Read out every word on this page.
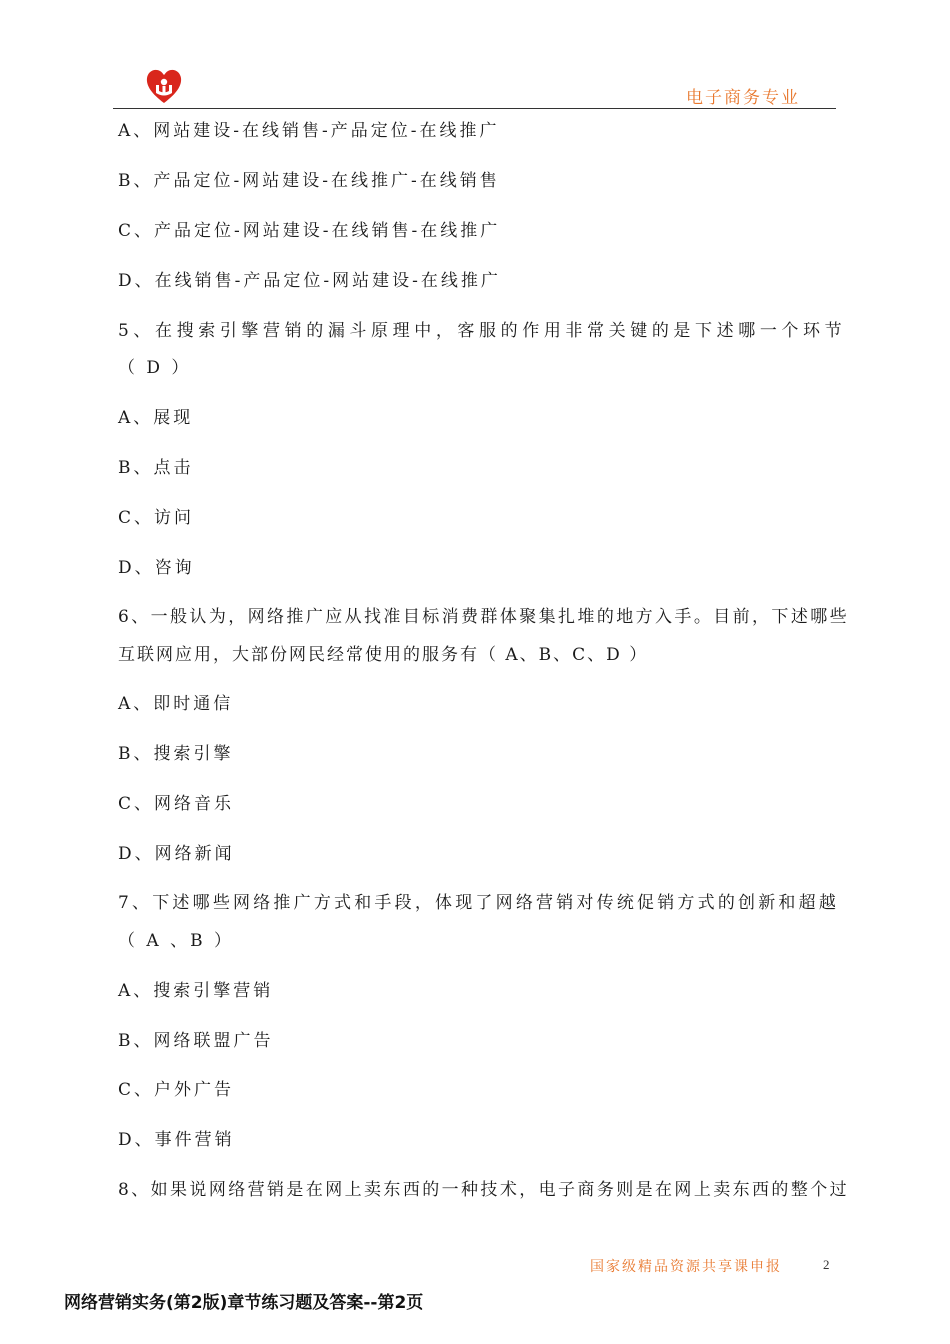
电子商务专业
A、网站建设-在线销售-产品定位-在线推广
B、产品定位-网站建设-在线推广-在线销售
C、产品定位-网站建设-在线销售-在线推广
D、在线销售-产品定位-网站建设-在线推广
5、在搜索引擎营销的漏斗原理中，客服的作用非常关键的是下述哪一个环节
（ D ）
A、展现
B、点击
C、访问
D、咨询
6、一般认为，网络推广应从找准目标消费群体聚集扎堆的地方入手。目前，下述哪些
互联网应用，大部份网民经常使用的服务有（ A、B、C、D ）
A、即时通信
B、搜索引擎
C、网络音乐
D、网络新闻
7、下述哪些网络推广方式和手段，体现了网络营销对传统促销方式的创新和超越
（ A 、B ）
A、搜索引擎营销
B、网络联盟广告
C、户外广告
D、事件营销
8、如果说网络营销是在网上卖东西的一种技术，电子商务则是在网上卖东西的整个过
国家级精品资源共享课申报	2
网络营销实务(第2版)章节练习题及答案--第2页
